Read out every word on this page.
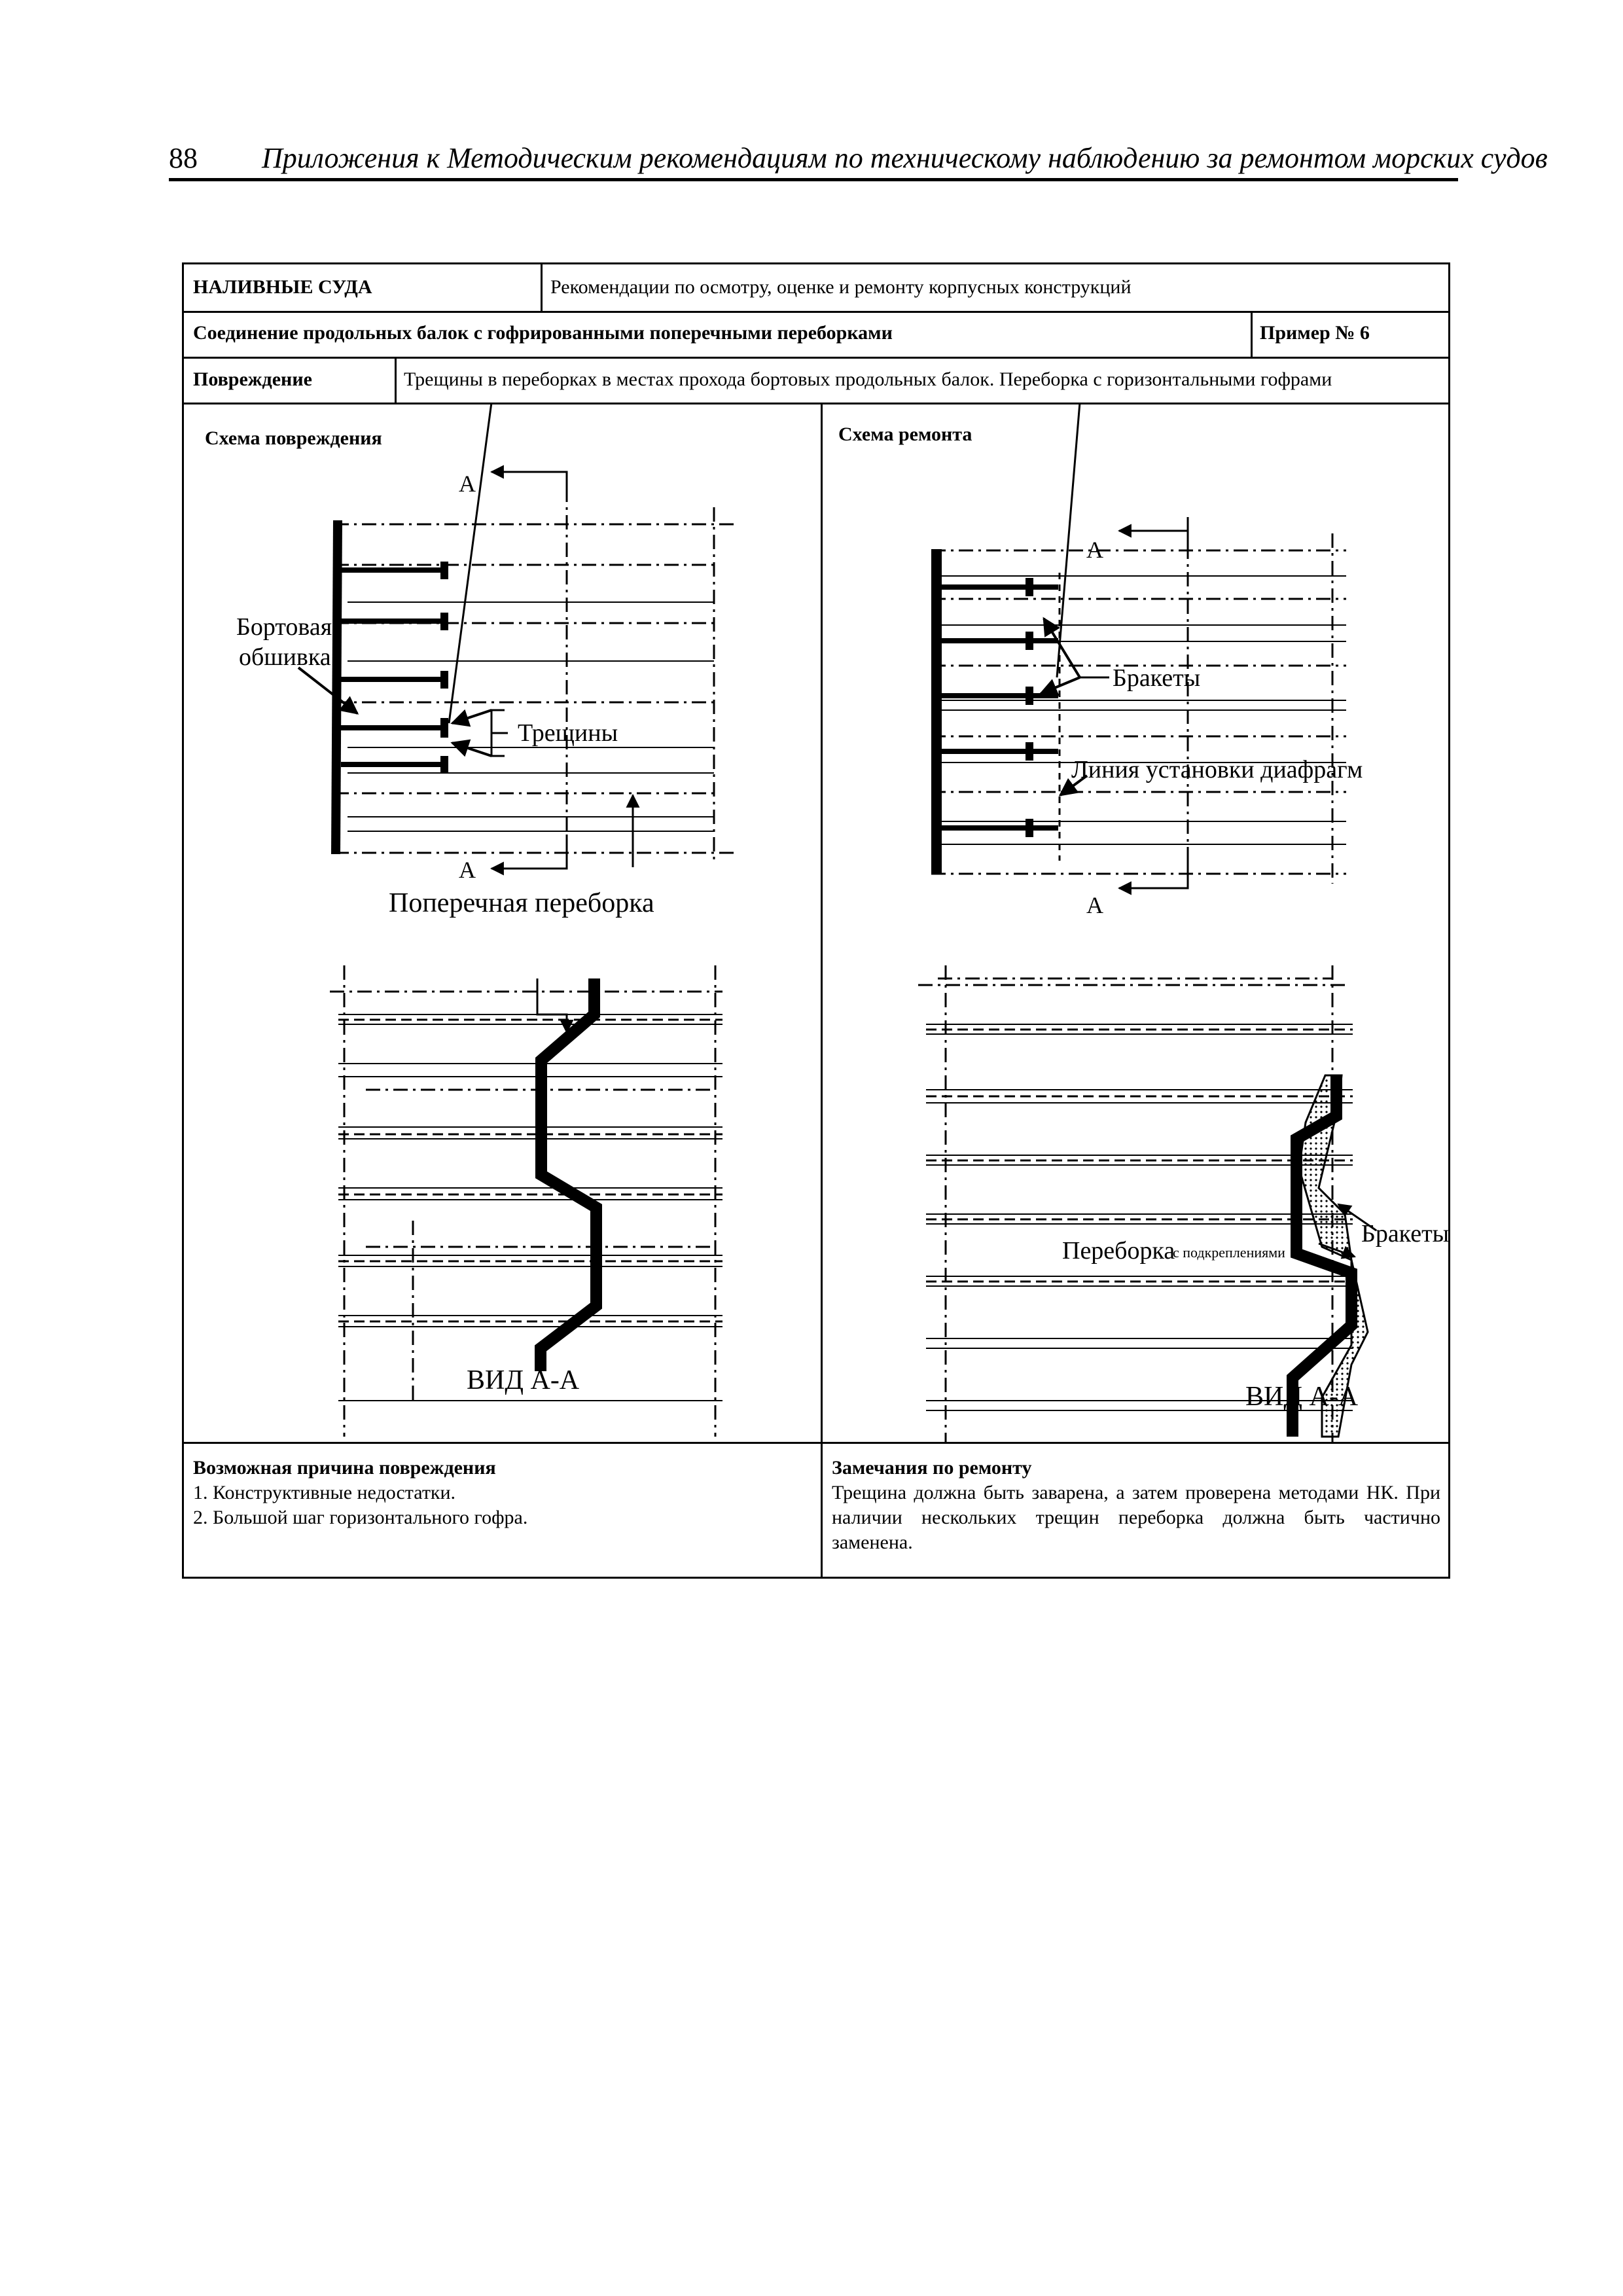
88 Приложения к Методическим рекомендациям по техническому наблюдению за ремонтом морских судов
НАЛИВНЫЕ СУДА	Рекомендации по осмотру, оценке и ремонту корпусных конструкций
Соединение продольных балок с гофрированными поперечными переборками	Пример № 6
Повреждение	Трещины в переборках в местах прохода бортовых продольных балок. Переборка с горизонтальными гофрами
Схема повреждения	Схема ремонта
Возможная причина повреждения
1. Конструктивные недостатки.
2. Большой шаг горизонтального гофра.
Замечания по ремонту
Трещина должна быть заварена, а затем проверена методами НК. При наличии нескольких трещин переборка должна быть частично заменена.
A
A
Бортовая
обшивка
Трещины
Поперечная переборка
ВИД А-А
A
A
Бракеты
Линия установки диафрагм
Бракеты
Переборка
с подкреплениями
ВИД А-А
